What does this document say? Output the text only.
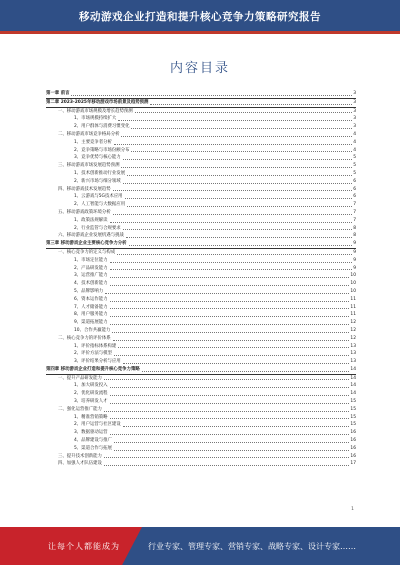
移动游戏企业打造和提升核心竞争力策略研究报告
内容目录
第一章 前言	3
第二章 2023-2025年移动游戏市场前景及趋势预测	3
一、移动游戏市场规模及增长趋势预测	3
1、市场规模持续扩大	3
2、用户群体与消费习惯变化	3
二、移动游戏市场竞争格局分析	4
1、主要竞争者分析	4
2、竞争策略与市场份额分布	4
3、竞争优势与核心能力	5
三、移动游戏市场发展趋势预测	5
1、技术创新推动行业发展	5
2、新兴市场与细分领域	6
四、移动游戏技术发展趋势	6
1、云游戏与5G技术应用	6
2、人工智能与大数据应用	7
五、移动游戏政策环境分析	7
1、政策法规解读	7
2、行业监管与合规要求	8
六、移动游戏企业发展机遇与挑战	8
第三章 移动游戏企业主要核心竞争力分析	9
一、核心竞争力的定义与构成	9
1、市场定位能力	9
2、产品研发能力	9
3、运营推广能力	10
4、技术创新能力	10
5、品牌影响力	10
6、资本运作能力	11
7、人才储备能力	11
8、用户服务能力	11
9、渠道拓展能力	12
10、合作共赢能力	12
二、核心竞争力的评价体系	12
1、评价指标体系构建	13
2、评价方法与模型	13
3、评价结果分析与应用	13
第四章 移动游戏企业打造和提升核心竞争力策略	14
一、提升产品研发能力	14
1、加大研发投入	14
2、优化研发流程	14
3、培养研发人才	15
二、强化运营推广能力	15
1、精准营销策略	15
2、用户运营与社区建设	15
3、数据驱动运营	16
4、品牌建设与推广	16
5、渠道合作与拓展	16
三、提升技术创新能力	16
四、加强人才队伍建设	17
1
让每个人都能成为	行业专家、管理专家、营销专家、战略专家、设计专家……
